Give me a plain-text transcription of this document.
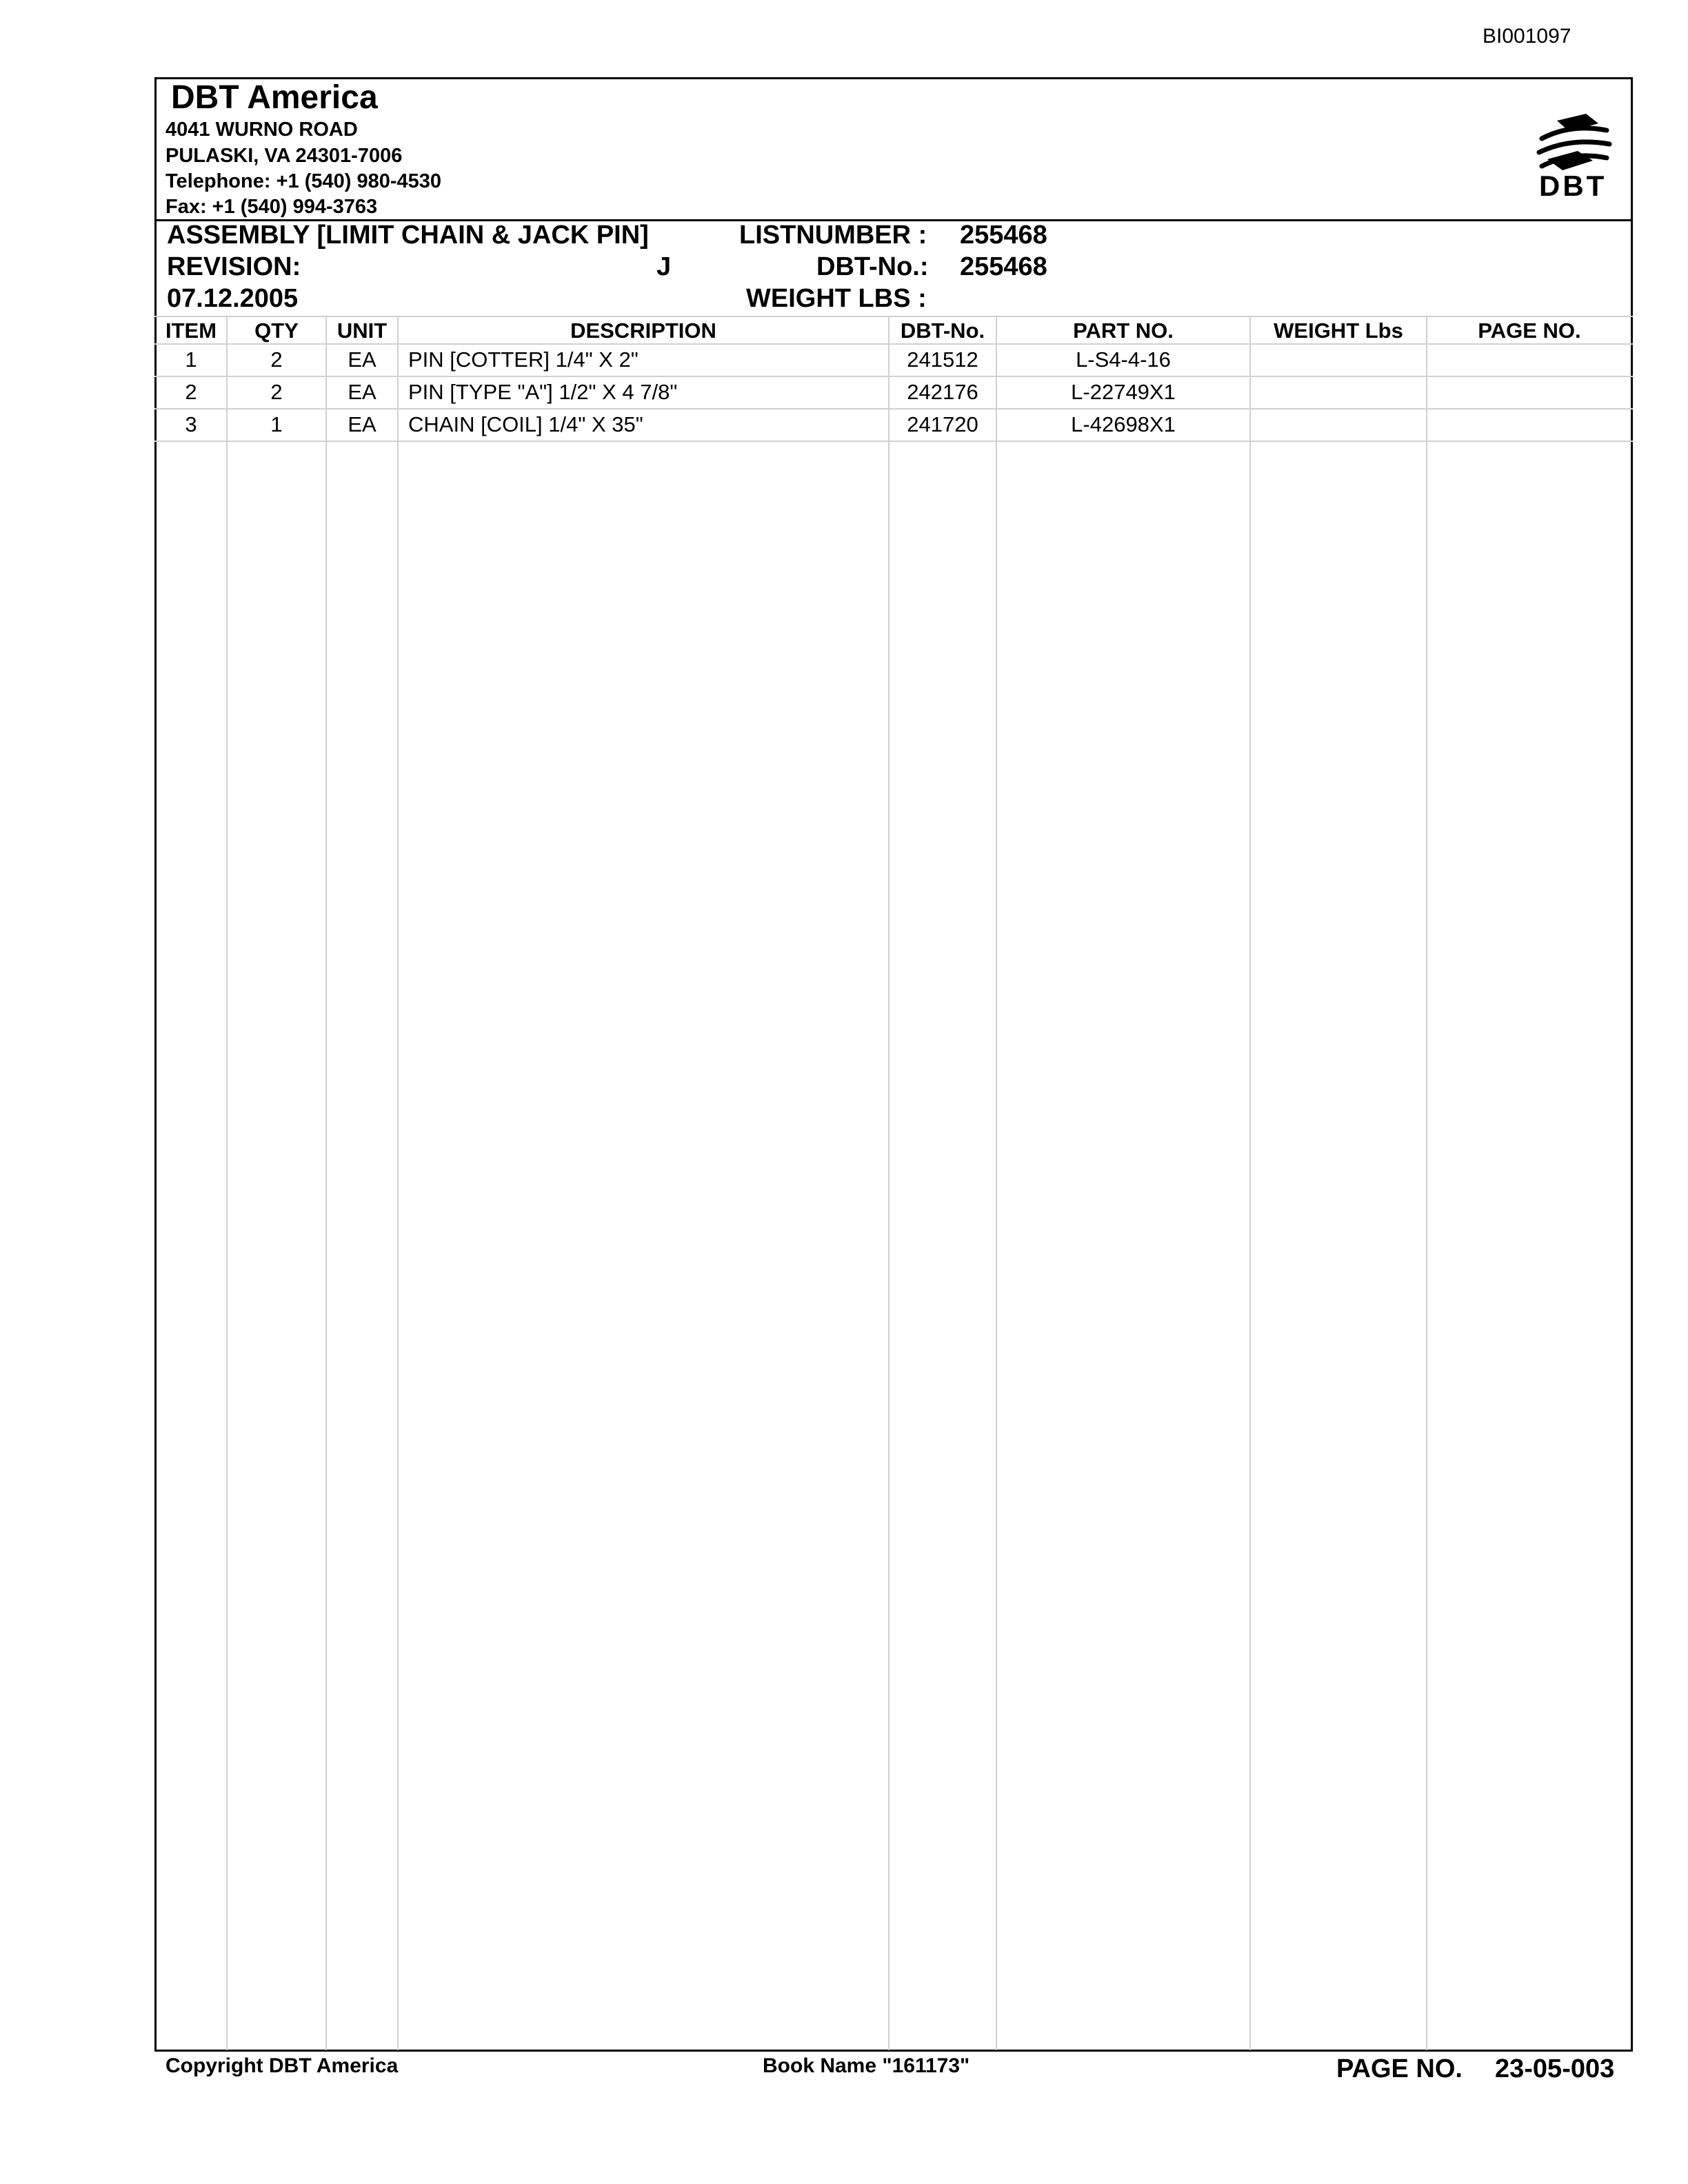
BI001097
DBT America
4041 WURNO ROAD
PULASKI, VA 24301-7006
Telephone: +1 (540) 980-4530
Fax: +1 (540) 994-3763
DBT
ASSEMBLY [LIMIT CHAIN & JACK PIN]
REVISION:	J
07.12.2005
LISTNUMBER : 255468
DBT-No.: 255468
WEIGHT LBS :
ITEM	QTY	UNIT	DESCRIPTION	DBT-No.	PART NO.	WEIGHT Lbs	PAGE NO.
1	2	EA	PIN [COTTER] 1/4" X 2"	241512	L-S4-4-16
2	2	EA	PIN [TYPE "A"] 1/2" X 4 7/8"	242176	L-22749X1
3	1	EA	CHAIN [COIL] 1/4" X 35"	241720	L-42698X1
Copyright DBT America	Book Name "161173"	PAGE NO. 23-05-003
